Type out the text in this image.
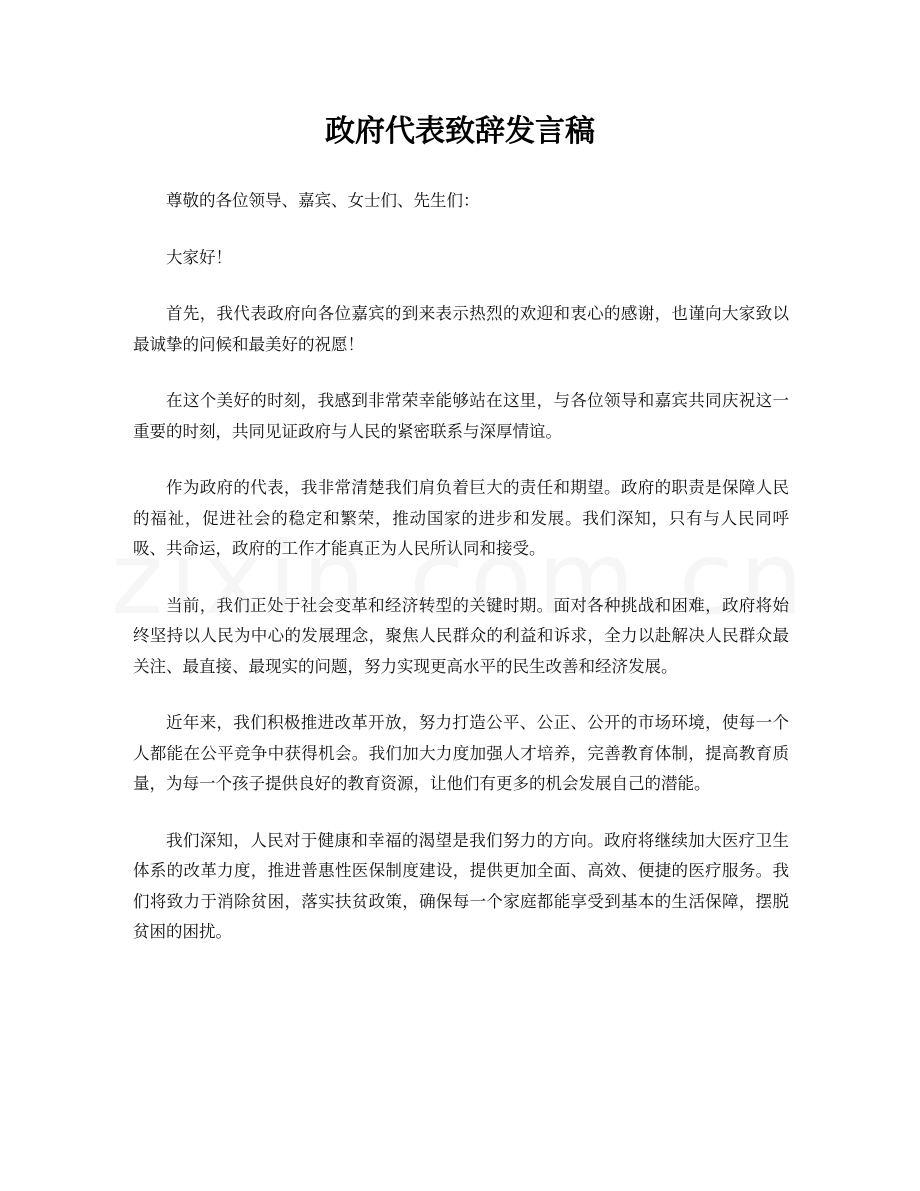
政府代表致辞发言稿

尊敬的各位领导、嘉宾、女士们、先生们：

大家好！

首先，我代表政府向各位嘉宾的到来表示热烈的欢迎和衷心的感谢，也谨向大家致以最诚挚的问候和最美好的祝愿！

在这个美好的时刻，我感到非常荣幸能够站在这里，与各位领导和嘉宾共同庆祝这一重要的时刻，共同见证政府与人民的紧密联系与深厚情谊。

作为政府的代表，我非常清楚我们肩负着巨大的责任和期望。政府的职责是保障人民的福祉，促进社会的稳定和繁荣，推动国家的进步和发展。我们深知，只有与人民同呼吸、共命运，政府的工作才能真正为人民所认同和接受。

当前，我们正处于社会变革和经济转型的关键时期。面对各种挑战和困难，政府将始终坚持以人民为中心的发展理念，聚焦人民群众的利益和诉求，全力以赴解决人民群众最关注、最直接、最现实的问题，努力实现更高水平的民生改善和经济发展。

近年来，我们积极推进改革开放，努力打造公平、公正、公开的市场环境，使每一个人都能在公平竞争中获得机会。我们加大力度加强人才培养，完善教育体制，提高教育质量，为每一个孩子提供良好的教育资源，让他们有更多的机会发展自己的潜能。

我们深知，人民对于健康和幸福的渴望是我们努力的方向。政府将继续加大医疗卫生体系的改革力度，推进普惠性医保制度建设，提供更加全面、高效、便捷的医疗服务。我们将致力于消除贫困，落实扶贫政策，确保每一个家庭都能享受到基本的生活保障，摆脱贫困的困扰。
